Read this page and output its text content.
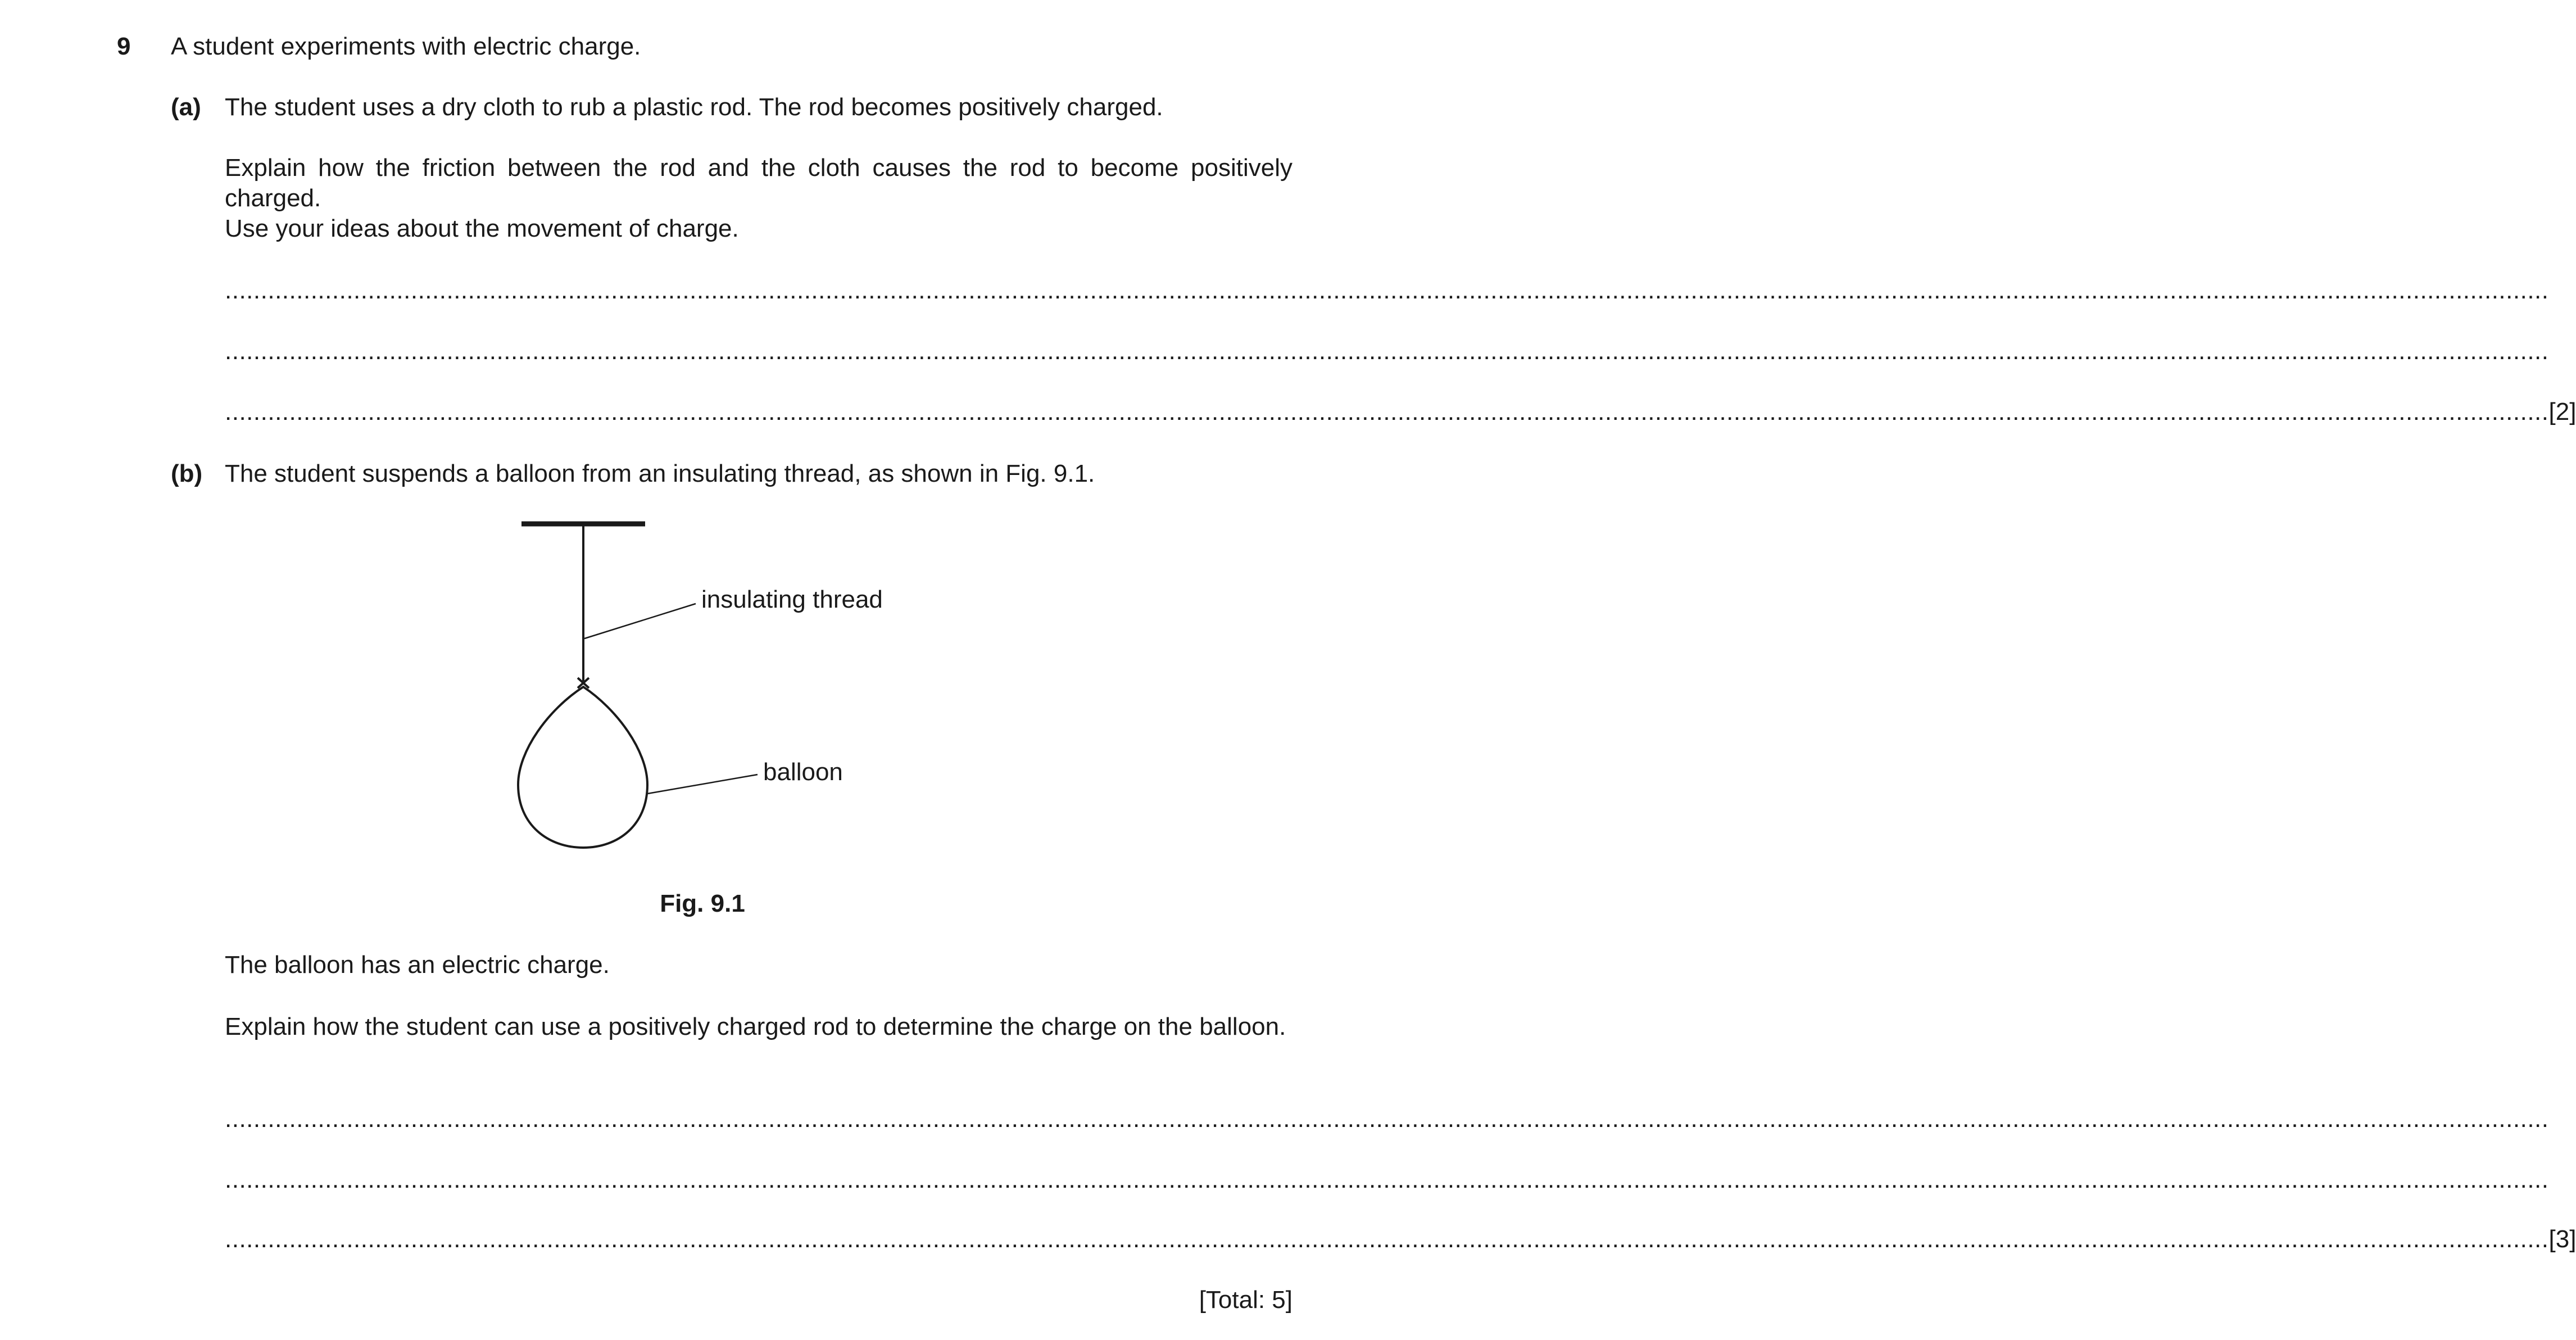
9 A student experiments with electric charge.
(a) The student uses a dry cloth to rub a plastic rod. The rod becomes positively charged.
Explain how the friction between the rod and the cloth causes the rod to become positively charged.
Use your ideas about the movement of charge.
.....................................................................................................................................................................................................................................................................................................................................
.....................................................................................................................................................................................................................................................................................................................................
..................................................................................................................................................................................................................................................................................................................................... [2]
(b) The student suspends a balloon from an insulating thread, as shown in Fig. 9.1.
insulating thread
balloon
Fig. 9.1
The balloon has an electric charge.
Explain how the student can use a positively charged rod to determine the charge on the balloon.
.....................................................................................................................................................................................................................................................................................................................................
.....................................................................................................................................................................................................................................................................................................................................
..................................................................................................................................................................................................................................................................................................................................... [3]
[Total: 5]
